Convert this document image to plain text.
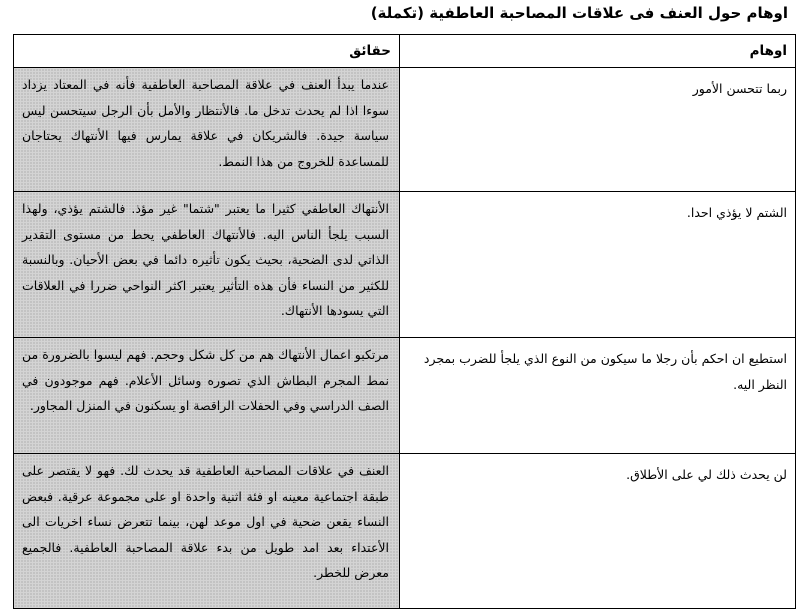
اوهام حول العنف فى علاقات المصاحبة العاطفية (تكملة)
اوهام	حقائق
ربما تتحسن الأمور	عندما يبدأ العنف في علاقة المصاحبة العاطفية فأنه في المعتاد يزداد سوءا اذا لم يحدث تدخل ما. فالأنتظار والأمل بأن الرجل سيتحسن ليس سياسة جيدة. فالشريكان في علاقة يمارس فيها الأنتهاك يحتاجان للمساعدة للخروج من هذا النمط.
الشتم لا يؤذي احدا.	الأنتهاك العاطفي كثيرا ما يعتبر "شتما" غير مؤذ. فالشتم يؤذي، ولهذا السبب يلجأ الناس اليه. فالأنتهاك العاطفي يحط من مستوى التقدير الذاتي لدى الضحية، بحيث يكون تأثيره دائما في بعض الأحيان. وبالنسبة للكثير من النساء فأن هذه التأثير يعتبر اكثر النواحي ضررا في العلاقات التي يسودها الأنتهاك.
استطيع ان احكم بأن رجلا ما سيكون من النوع الذي يلجأ للضرب بمجرد النظر اليه.	مرتكبو اعمال الأنتهاك هم من كل شكل وحجم. فهم ليسوا بالضرورة من نمط المجرم البطاش الذي تصوره وسائل الأعلام. فهم موجودون في الصف الدراسي وفي الحفلات الراقصة او يسكنون في المنزل المجاور.
لن يحدث ذلك لي على الأطلاق.	العنف في علاقات المصاحبة العاطفية قد يحدث لك. فهو لا يقتصر على طبقة اجتماعية معينه او فئة اثنية واحدة او على مجموعة عرقية. فبعض النساء يقعن ضحية في اول موعد لهن، بينما تتعرض نساء اخريات الى الأعتداء بعد امد طويل من بدء علاقة المصاحبة العاطفية. فالجميع معرض للخطر.
